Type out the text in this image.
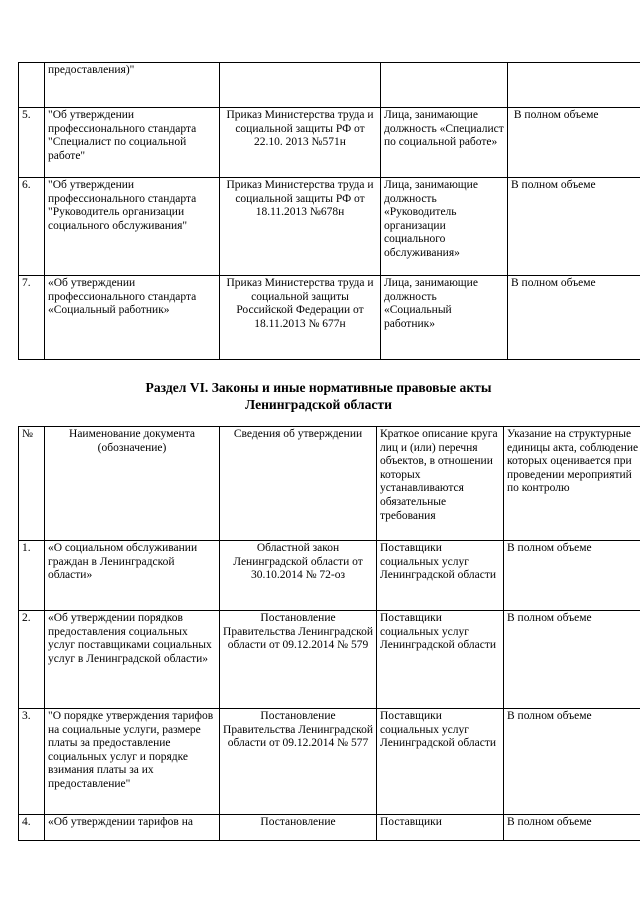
	предоставления)"			
5.	"Об утверждении профессионального стандарта "Специалист по социальной работе"	Приказ Министерства труда и социальной защиты РФ от 22.10. 2013 №571н	Лица, занимающие должность «Специалист по социальной работе»	В полном объеме
6.	"Об утверждении профессионального стандарта "Руководитель организации социального обслуживания"	Приказ Министерства труда и социальной защиты РФ от 18.11.2013 №678н	Лица, занимающие должность «Руководитель организации социального обслуживания»	В полном объеме
7.	«Об утверждении профессионального стандарта «Социальный работник»	Приказ Министерства труда и социальной защиты Российской Федерации от 18.11.2013 № 677н	Лица, занимающие должность «Социальный работник»	В полном объеме
Раздел VI. Законы и иные нормативные правовые акты
Ленинградской области
№	Наименование документа (обозначение)	Сведения об утверждении	Краткое описание круга лиц и (или) перечня объектов, в отношении которых устанавливаются обязательные требования	Указание на структурные единицы акта, соблюдение которых оценивается при проведении мероприятий по контролю
1.	«О социальном обслуживании граждан в Ленинградской области»	Областной закон Ленинградской области от 30.10.2014 № 72-оз	Поставщики социальных услуг Ленинградской области	В полном объеме
2.	«Об утверждении порядков предоставления социальных услуг поставщиками социальных услуг в Ленинградской области»	Постановление Правительства Ленинградской области от 09.12.2014 № 579	Поставщики социальных услуг Ленинградской области	В полном объеме
3.	"О порядке утверждения тарифов на социальные услуги, размере платы за предоставление социальных услуг и порядке взимания платы за их предоставление"	Постановление Правительства Ленинградской области от 09.12.2014 № 577	Поставщики социальных услуг Ленинградской области	В полном объеме
4.	«Об утверждении тарифов на	Постановление	Поставщики	В полном объеме
